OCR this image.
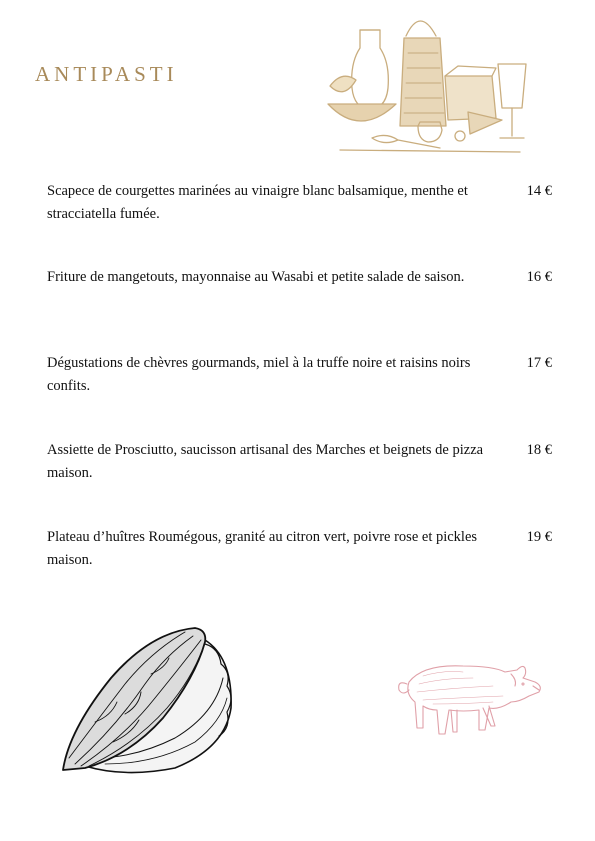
ANTIPASTI
Scapece de courgettes marinées au vinaigre blanc balsamique, menthe et stracciatella fumée.
14 €
Friture de mangetouts, mayonnaise au Wasabi et petite salade de saison.	16 €
Dégustations de chèvres gourmands, miel à la truffe noire et raisins noirs confits.
17 €
Assiette de Prosciutto, saucisson artisanal des Marches et beignets de pizza maison.
18 €
Plateau d’huîtres Roumégous, granité au citron vert, poivre rose et pickles maison.
19 €
